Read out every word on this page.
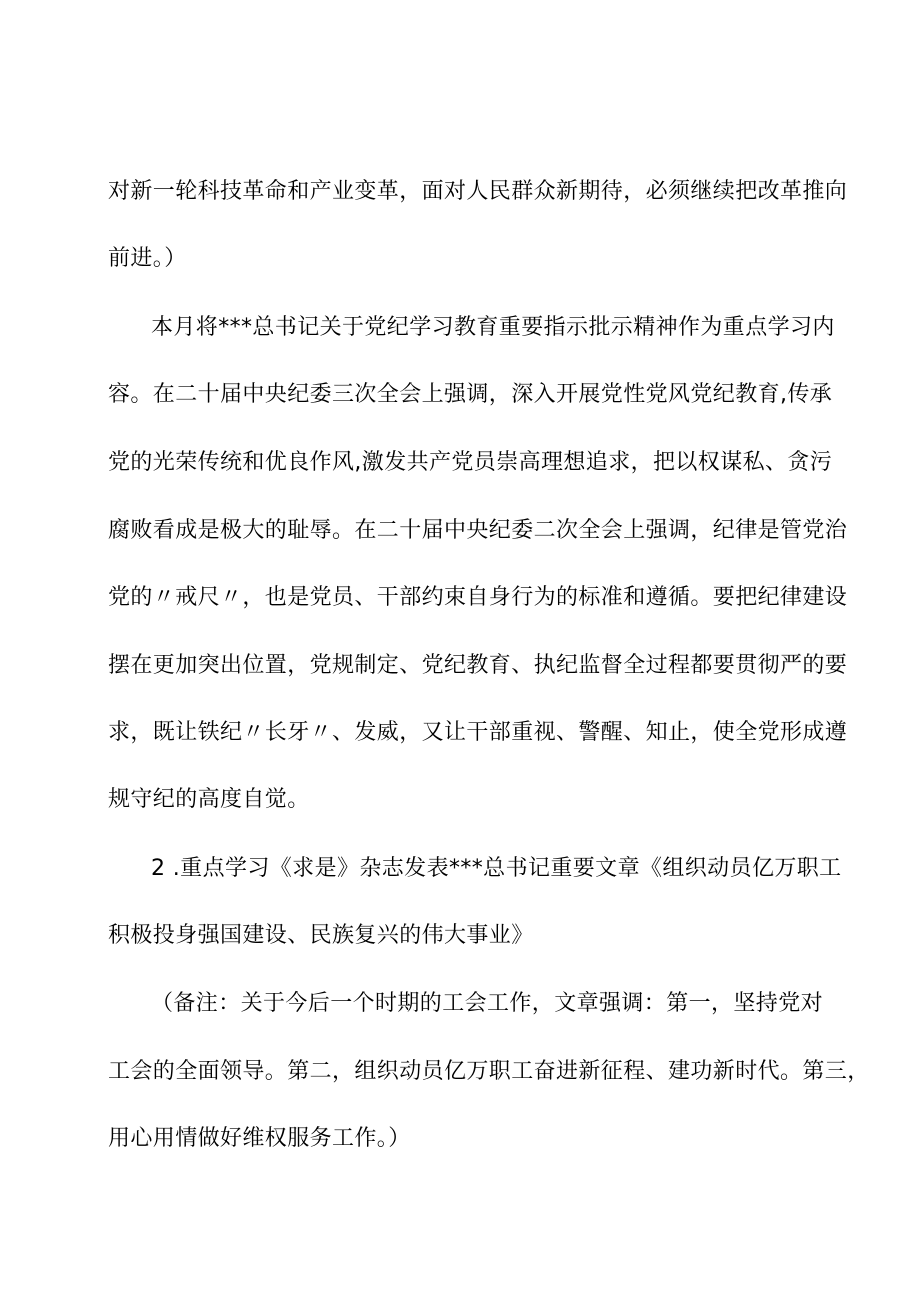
对新一轮科技革命和产业变革，面对人民群众新期待，必须继续把改革推向
前进。）
本月将***总书记关于党纪学习教育重要指示批示精神作为重点学习内
容。在二十届中央纪委三次全会上强调，深入开展党性党风党纪教育,传承
党的光荣传统和优良作风,激发共产党员崇高理想追求，把以权谋私、贪污
腐败看成是极大的耻辱。在二十届中央纪委二次全会上强调，纪律是管党治
党的〃戒尺〃，也是党员、干部约束自身行为的标准和遵循。要把纪律建设
摆在更加突出位置，党规制定、党纪教育、执纪监督全过程都要贯彻严的要
求，既让铁纪〃长牙〃、发威，又让干部重视、警醒、知止，使全党形成遵
规守纪的高度自觉。
2 .重点学习《求是》杂志发表***总书记重要文章《组织动员亿万职工
积极投身强国建设、民族复兴的伟大事业》
（备注：关于今后一个时期的工会工作，文章强调：第一，坚持党对
工会的全面领导。第二，组织动员亿万职工奋进新征程、建功新时代。第三，
用心用情做好维权服务工作。）
